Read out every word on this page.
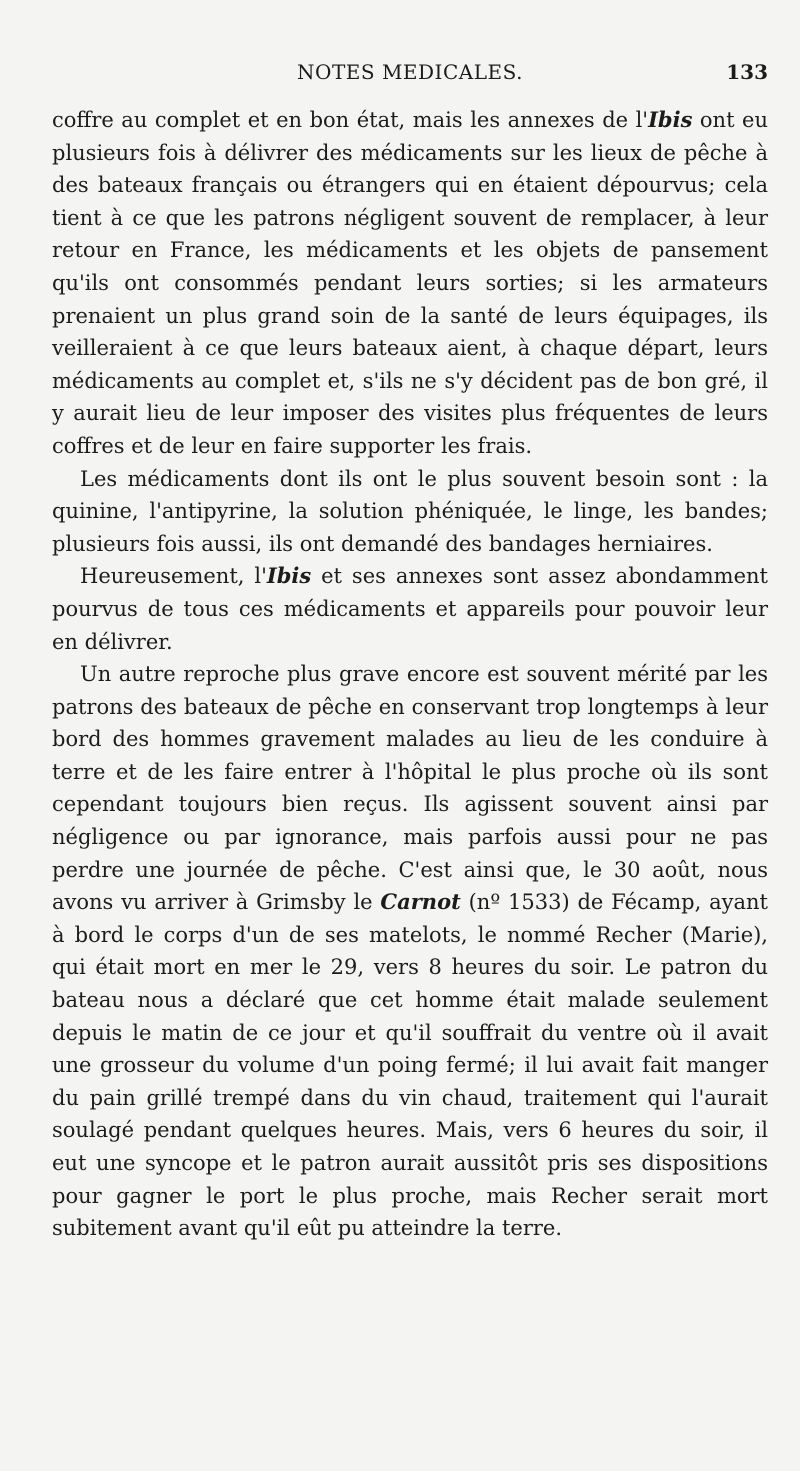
NOTES MEDICALES.	133

coffre au complet et en bon état, mais les annexes de l'Ibis ont eu plusieurs fois à délivrer des médicaments sur les lieux de pêche à des bateaux français ou étrangers qui en étaient dépourvus; cela tient à ce que les patrons négligent souvent de remplacer, à leur retour en France, les médicaments et les objets de pansement qu'ils ont consommés pendant leurs sorties; si les armateurs prenaient un plus grand soin de la santé de leurs équipages, ils veilleraient à ce que leurs bateaux aient, à chaque départ, leurs médicaments au complet et, s'ils ne s'y décident pas de bon gré, il y aurait lieu de leur imposer des visites plus fréquentes de leurs coffres et de leur en faire supporter les frais.

Les médicaments dont ils ont le plus souvent besoin sont : la quinine, l'antipyrine, la solution phéniquée, le linge, les bandes; plusieurs fois aussi, ils ont demandé des bandages herniaires.

Heureusement, l'Ibis et ses annexes sont assez abondamment pourvus de tous ces médicaments et appareils pour pouvoir leur en délivrer.

Un autre reproche plus grave encore est souvent mérité par les patrons des bateaux de pêche en conservant trop longtemps à leur bord des hommes gravement malades au lieu de les conduire à terre et de les faire entrer à l'hôpital le plus proche où ils sont cependant toujours bien reçus. Ils agissent souvent ainsi par négligence ou par ignorance, mais parfois aussi pour ne pas perdre une journée de pêche. C'est ainsi que, le 30 août, nous avons vu arriver à Grimsby le Carnot (nº 1533) de Fécamp, ayant à bord le corps d'un de ses matelots, le nommé Recher (Marie), qui était mort en mer le 29, vers 8 heures du soir. Le patron du bateau nous a déclaré que cet homme était malade seulement depuis le matin de ce jour et qu'il souffrait du ventre où il avait une grosseur du volume d'un poing fermé; il lui avait fait manger du pain grillé trempé dans du vin chaud, traitement qui l'aurait soulagé pendant quelques heures. Mais, vers 6 heures du soir, il eut une syncope et le patron aurait aussitôt pris ses dispositions pour gagner le port le plus proche, mais Recher serait mort subitement avant qu'il eût pu atteindre la terre.
